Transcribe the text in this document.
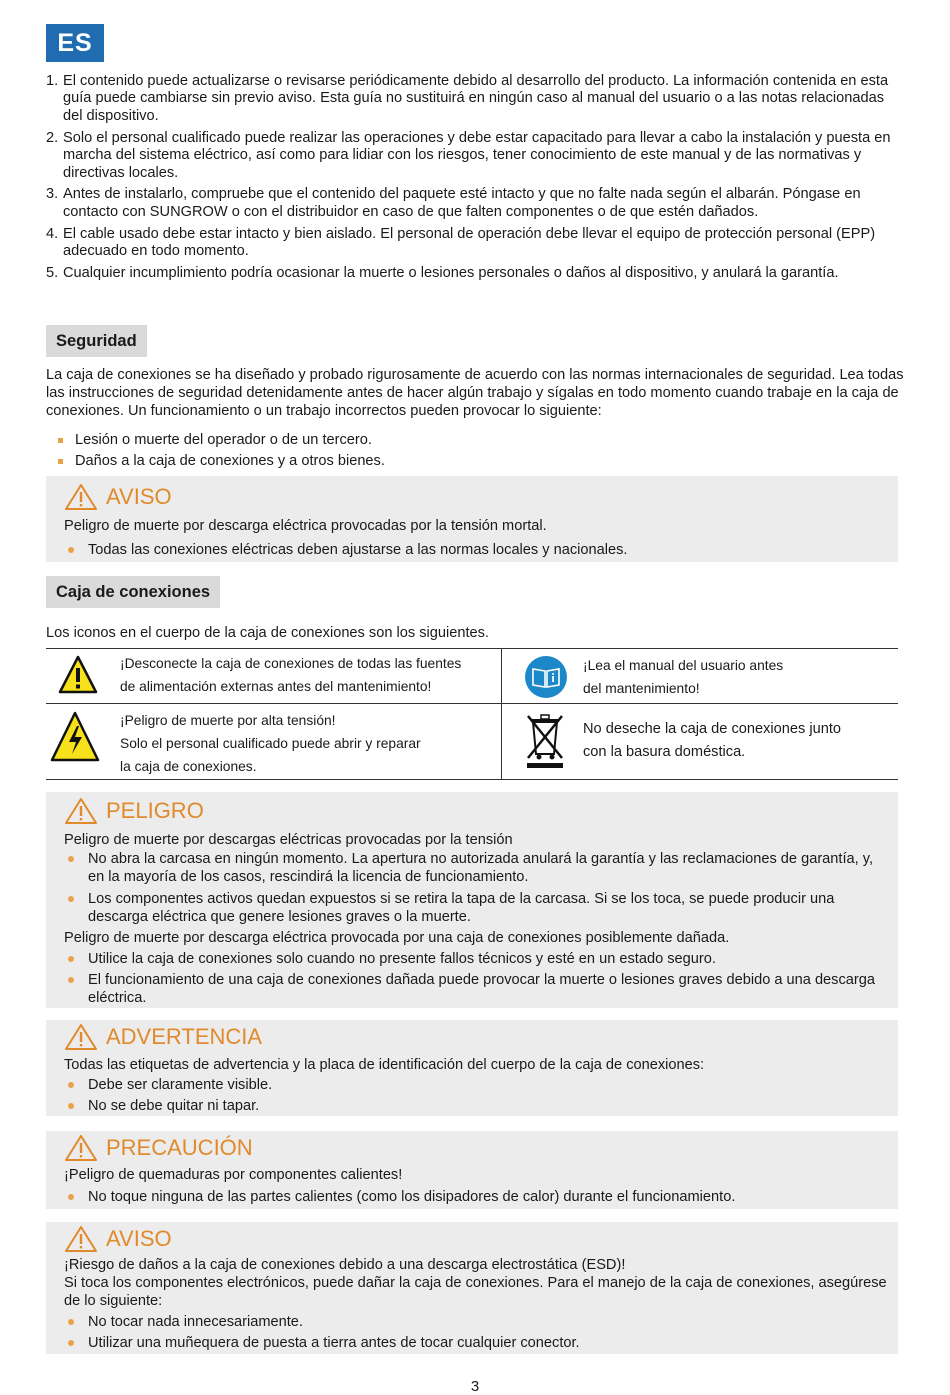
ES
1. El contenido puede actualizarse o revisarse periódicamente debido al desarrollo del producto. La información contenida en esta guía puede cambiarse sin previo aviso. Esta guía no sustituirá en ningún caso al manual del usuario o a las notas relacionadas del dispositivo.
2. Solo el personal cualificado puede realizar las operaciones y debe estar capacitado para llevar a cabo la instalación y puesta en marcha del sistema eléctrico, así como para lidiar con los riesgos, tener conocimiento de este manual y de las normativas y directivas locales.
3. Antes de instalarlo, compruebe que el contenido del paquete esté intacto y que no falte nada según el albarán. Póngase en contacto con SUNGROW o con el distribuidor en caso de que falten componentes o de que estén dañados.
4. El cable usado debe estar intacto y bien aislado. El personal de operación debe llevar el equipo de protección personal (EPP) adecuado en todo momento.
5. Cualquier incumplimiento podría ocasionar la muerte o lesiones personales o daños al dispositivo, y anulará la garantía.
Seguridad
La caja de conexiones se ha diseñado y probado rigurosamente de acuerdo con las normas internacionales de seguridad. Lea todas las instrucciones de seguridad detenidamente antes de hacer algún trabajo y sígalas en todo momento cuando trabaje en la caja de conexiones. Un funcionamiento o un trabajo incorrectos pueden provocar lo siguiente:
Lesión o muerte del operador o de un tercero.
Daños a la caja de conexiones y a otros bienes.
AVISO
Peligro de muerte por descarga eléctrica provocadas por la tensión mortal.
Todas las conexiones eléctricas deben ajustarse a las normas locales y nacionales.
Caja de conexiones
Los iconos en el cuerpo de la caja de conexiones son los siguientes.
¡Desconecte la caja de conexiones de todas las fuentes
de alimentación externas antes del mantenimiento!
¡Lea el manual del usuario antes
del mantenimiento!
¡Peligro de muerte por alta tensión!
Solo el personal cualificado puede abrir y reparar
la caja de conexiones.
No deseche la caja de conexiones junto
con la basura doméstica.
PELIGRO
Peligro de muerte por descargas eléctricas provocadas por la tensión
No abra la carcasa en ningún momento. La apertura no autorizada anulará la garantía y las reclamaciones de garantía, y, en la mayoría de los casos, rescindirá la licencia de funcionamiento.
Los componentes activos quedan expuestos si se retira la tapa de la carcasa. Si se los toca, se puede producir una descarga eléctrica que genere lesiones graves o la muerte.
Peligro de muerte por descarga eléctrica provocada por una caja de conexiones posiblemente dañada.
Utilice la caja de conexiones solo cuando no presente fallos técnicos y esté en un estado seguro.
El funcionamiento de una caja de conexiones dañada puede provocar la muerte o lesiones graves debido a una descarga eléctrica.
ADVERTENCIA
Todas las etiquetas de advertencia y la placa de identificación del cuerpo de la caja de conexiones:
Debe ser claramente visible.
No se debe quitar ni tapar.
PRECAUCIÓN
¡Peligro de quemaduras por componentes calientes!
No toque ninguna de las partes calientes (como los disipadores de calor) durante el funcionamiento.
AVISO
¡Riesgo de daños a la caja de conexiones debido a una descarga electrostática (ESD)!
Si toca los componentes electrónicos, puede dañar la caja de conexiones. Para el manejo de la caja de conexiones, asegúrese de lo siguiente:
No tocar nada innecesariamente.
Utilizar una muñequera de puesta a tierra antes de tocar cualquier conector.
3
